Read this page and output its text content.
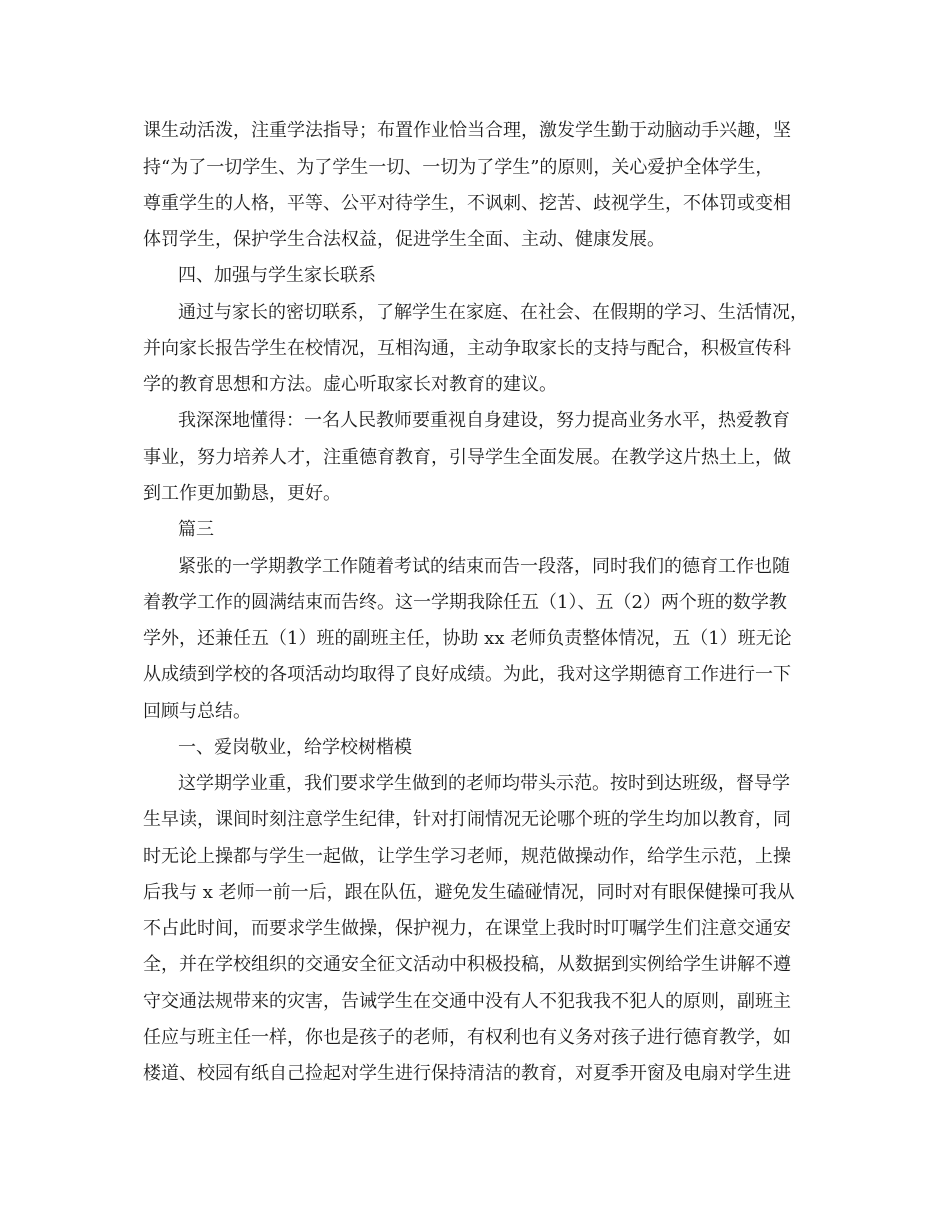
课生动活泼，注重学法指导；布置作业恰当合理，激发学生勤于动脑动手兴趣，坚
持“为了一切学生、为了学生一切、一切为了学生”的原则，关心爱护全体学生，
尊重学生的人格，平等、公平对待学生，不讽刺、挖苦、歧视学生，不体罚或变相
体罚学生，保护学生合法权益，促进学生全面、主动、健康发展。
四、加强与学生家长联系
通过与家长的密切联系，了解学生在家庭、在社会、在假期的学习、生活情况，
并向家长报告学生在校情况，互相沟通，主动争取家长的支持与配合，积极宣传科
学的教育思想和方法。虚心听取家长对教育的建议。
我深深地懂得：一名人民教师要重视自身建设，努力提高业务水平，热爱教育
事业，努力培养人才，注重德育教育，引导学生全面发展。在教学这片热土上，做
到工作更加勤恳，更好。
篇三
紧张的一学期教学工作随着考试的结束而告一段落，同时我们的德育工作也随
着教学工作的圆满结束而告终。这一学期我除任五（1）、五（2）两个班的数学教
学外，还兼任五（1）班的副班主任，协助 xx 老师负责整体情况，五（1）班无论
从成绩到学校的各项活动均取得了良好成绩。为此，我对这学期德育工作进行一下
回顾与总结。
一、爱岗敬业，给学校树楷模
这学期学业重，我们要求学生做到的老师均带头示范。按时到达班级，督导学
生早读，课间时刻注意学生纪律，针对打闹情况无论哪个班的学生均加以教育，同
时无论上操都与学生一起做，让学生学习老师，规范做操动作，给学生示范，上操
后我与 x 老师一前一后，跟在队伍，避免发生磕碰情况，同时对有眼保健操可我从
不占此时间，而要求学生做操，保护视力，在课堂上我时时叮嘱学生们注意交通安
全，并在学校组织的交通安全征文活动中积极投稿，从数据到实例给学生讲解不遵
守交通法规带来的灾害，告诫学生在交通中没有人不犯我我不犯人的原则，副班主
任应与班主任一样，你也是孩子的老师，有权利也有义务对孩子进行德育教学，如
楼道、校园有纸自己捡起对学生进行保持清洁的教育，对夏季开窗及电扇对学生进
